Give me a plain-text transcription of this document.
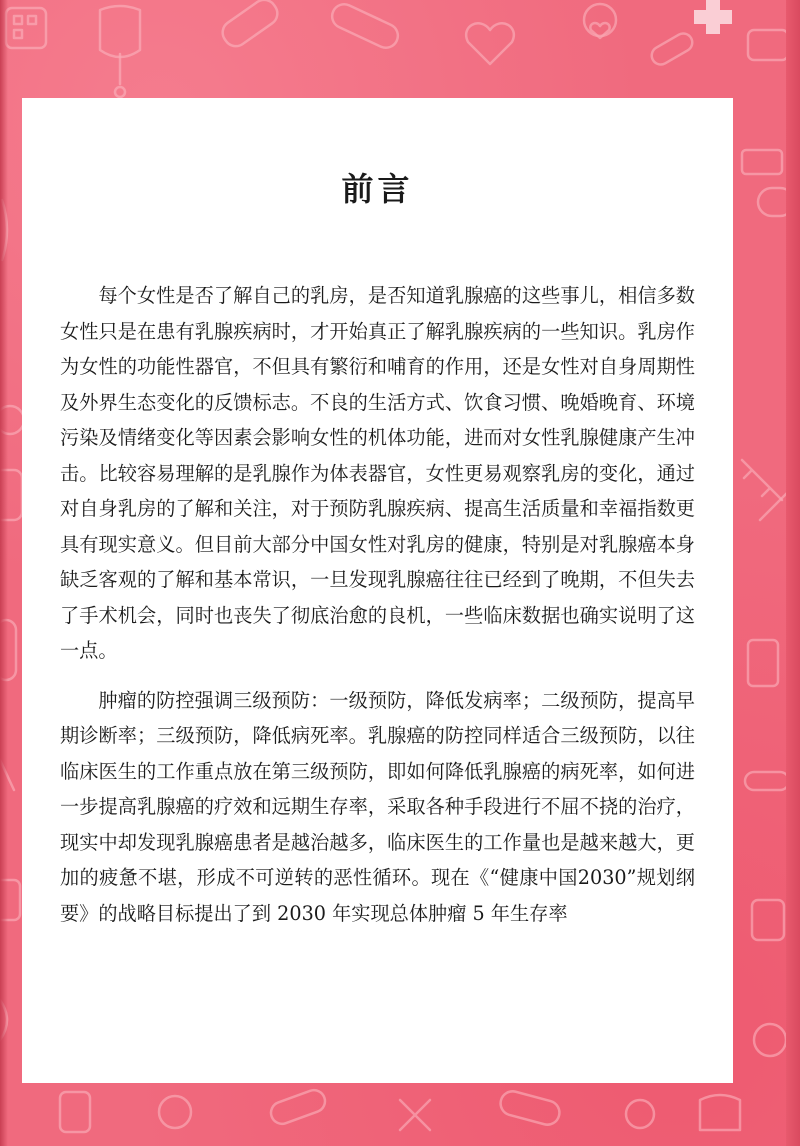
前言

每个女性是否了解自己的乳房，是否知道乳腺癌的这些事儿，相信多数女性只是在患有乳腺疾病时，才开始真正了解乳腺疾病的一些知识。乳房作为女性的功能性器官，不但具有繁衍和哺育的作用，还是女性对自身周期性及外界生态变化的反馈标志。不良的生活方式、饮食习惯、晚婚晚育、环境污染及情绪变化等因素会影响女性的机体功能，进而对女性乳腺健康产生冲击。比较容易理解的是乳腺作为体表器官，女性更易观察乳房的变化，通过对自身乳房的了解和关注，对于预防乳腺疾病、提高生活质量和幸福指数更具有现实意义。但目前大部分中国女性对乳房的健康，特别是对乳腺癌本身缺乏客观的了解和基本常识，一旦发现乳腺癌往往已经到了晚期，不但失去了手术机会，同时也丧失了彻底治愈的良机，一些临床数据也确实说明了这一点。

肿瘤的防控强调三级预防：一级预防，降低发病率；二级预防，提高早期诊断率；三级预防，降低病死率。乳腺癌的防控同样适合三级预防，以往临床医生的工作重点放在第三级预防，即如何降低乳腺癌的病死率，如何进一步提高乳腺癌的疗效和远期生存率，采取各种手段进行不屈不挠的治疗，现实中却发现乳腺癌患者是越治越多，临床医生的工作量也是越来越大，更加的疲惫不堪，形成不可逆转的恶性循环。现在《“健康中国2030”规划纲要》的战略目标提出了到 2030 年实现总体肿瘤 5 年生存率
